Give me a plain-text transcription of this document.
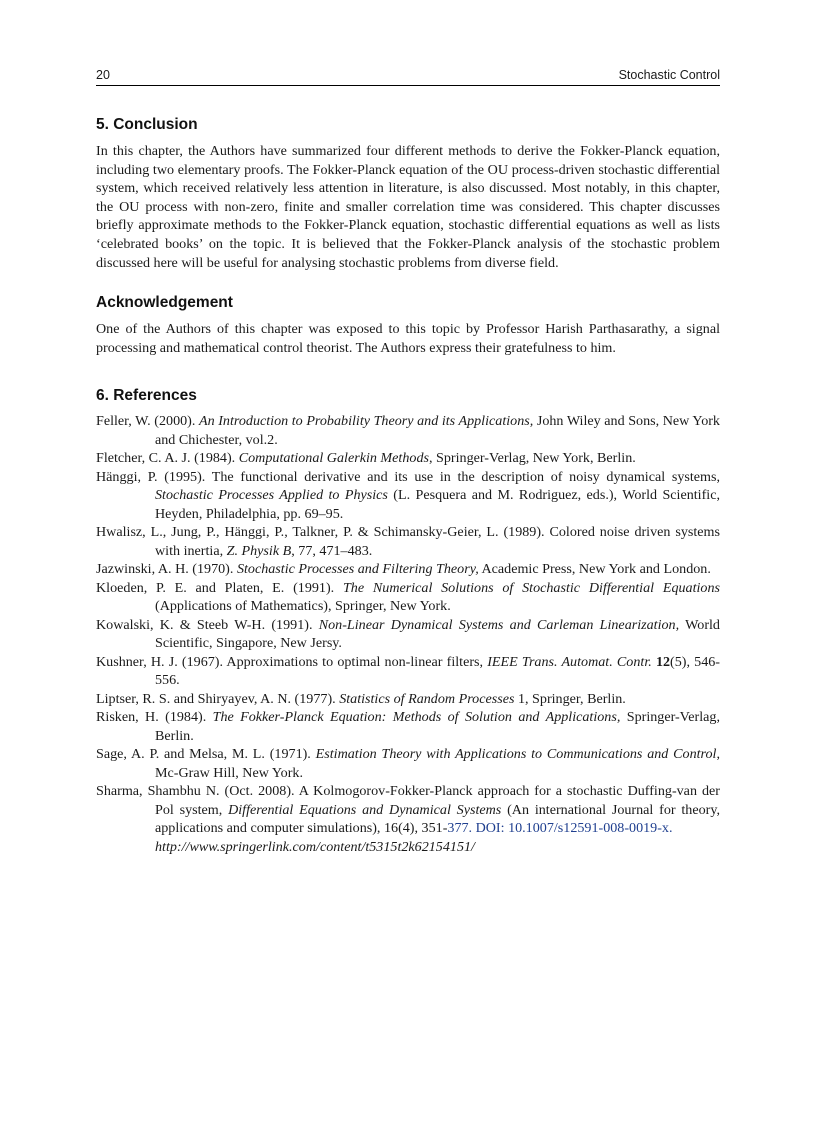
20	Stochastic Control
5. Conclusion

In this chapter, the Authors have summarized four different methods to derive the Fokker-Planck equation, including two elementary proofs. The Fokker-Planck equation of the OU process-driven stochastic differential system, which received relatively less attention in literature, is also discussed. Most notably, in this chapter, the OU process with non-zero, finite and smaller correlation time was considered. This chapter discusses briefly approximate methods to the Fokker-Planck equation, stochastic differential equations as well as lists ‘celebrated books’ on the topic. It is believed that the Fokker-Planck analysis of the stochastic problem discussed here will be useful for analysing stochastic problems from diverse field.

Acknowledgement

One of the Authors of this chapter was exposed to this topic by Professor Harish Parthasarathy, a signal processing and mathematical control theorist. The Authors express their gratefulness to him.

6. References

Feller, W. (2000). An Introduction to Probability Theory and its Applications, John Wiley and Sons, New York and Chichester, vol.2.

Fletcher, C. A. J. (1984). Computational Galerkin Methods, Springer-Verlag, New York, Berlin.

Hänggi, P. (1995). The functional derivative and its use in the description of noisy dynamical systems, Stochastic Processes Applied to Physics (L. Pesquera and M. Rodriguez, eds.), World Scientific, Heyden, Philadelphia, pp. 69–95.

Hwalisz, L., Jung, P., Hänggi, P., Talkner, P. & Schimansky-Geier, L. (1989). Colored noise driven systems with inertia, Z. Physik B, 77, 471–483.

Jazwinski, A. H. (1970). Stochastic Processes and Filtering Theory, Academic Press, New York and London.

Kloeden, P. E. and Platen, E. (1991). The Numerical Solutions of Stochastic Differential Equations (Applications of Mathematics), Springer, New York.

Kowalski, K. & Steeb W-H. (1991). Non-Linear Dynamical Systems and Carleman Linearization, World Scientific, Singapore, New Jersy.

Kushner, H. J. (1967). Approximations to optimal non-linear filters, IEEE Trans. Automat. Contr. 12(5), 546-556.

Liptser, R. S. and Shiryayev, A. N. (1977). Statistics of Random Processes 1, Springer, Berlin.

Risken, H. (1984). The Fokker-Planck Equation: Methods of Solution and Applications, Springer-Verlag, Berlin.

Sage, A. P. and Melsa, M. L. (1971). Estimation Theory with Applications to Communications and Control, Mc-Graw Hill, New York.

Sharma, Shambhu N. (Oct. 2008). A Kolmogorov-Fokker-Planck approach for a stochastic Duffing-van der Pol system, Differential Equations and Dynamical Systems (An international Journal for theory, applications and computer simulations), 16(4), 351-377. DOI: 10.1007/s12591-008-0019-x.
http://www.springerlink.com/content/t5315t2k62154151/
